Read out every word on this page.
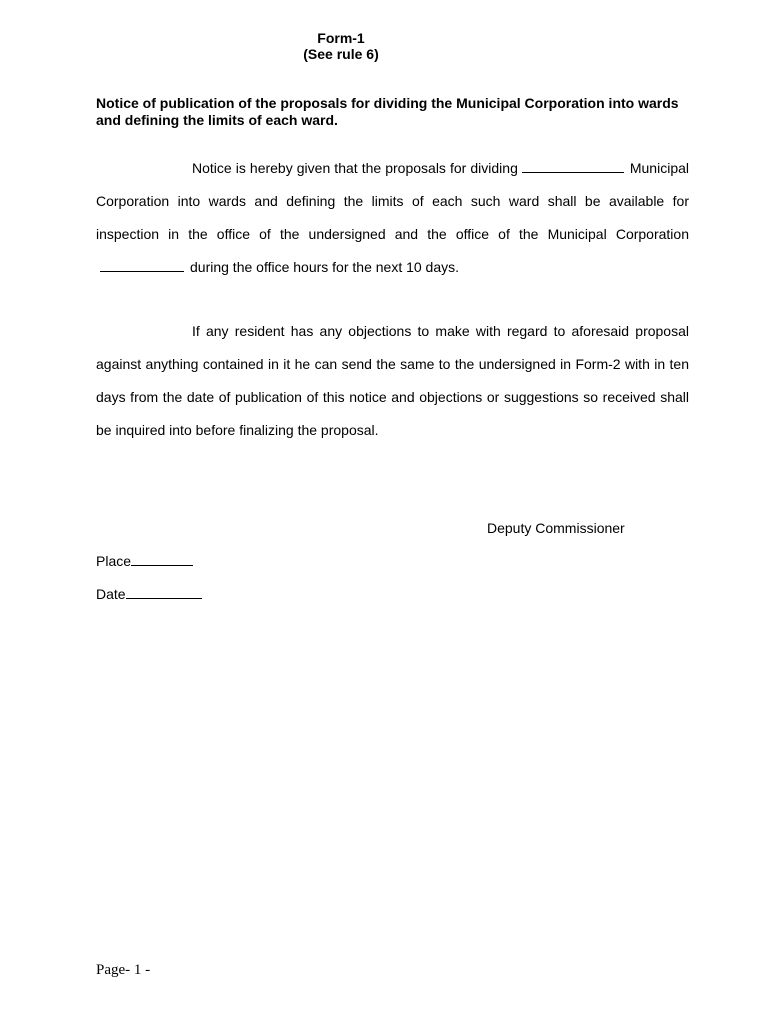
Form-1
(See rule 6)

Notice of publication of the proposals for dividing the Municipal Corporation into wards and defining the limits of each ward.

Notice is hereby given that the proposals for dividing	Municipal Corporation into wards and defining the limits of each such ward shall be available for inspection in the office of the undersigned and the office of the Municipal Corporationduring the office hours for the next 10 days.

If any resident has any objections to make with regard to aforesaid proposal against anything contained in it he can send the same to the undersigned in Form-2 with in ten days from the date of publication of this notice and objections or suggestions so received shall be inquired into before finalizing the proposal.

Deputy Commissioner
Place
Date
Page- 1 -
